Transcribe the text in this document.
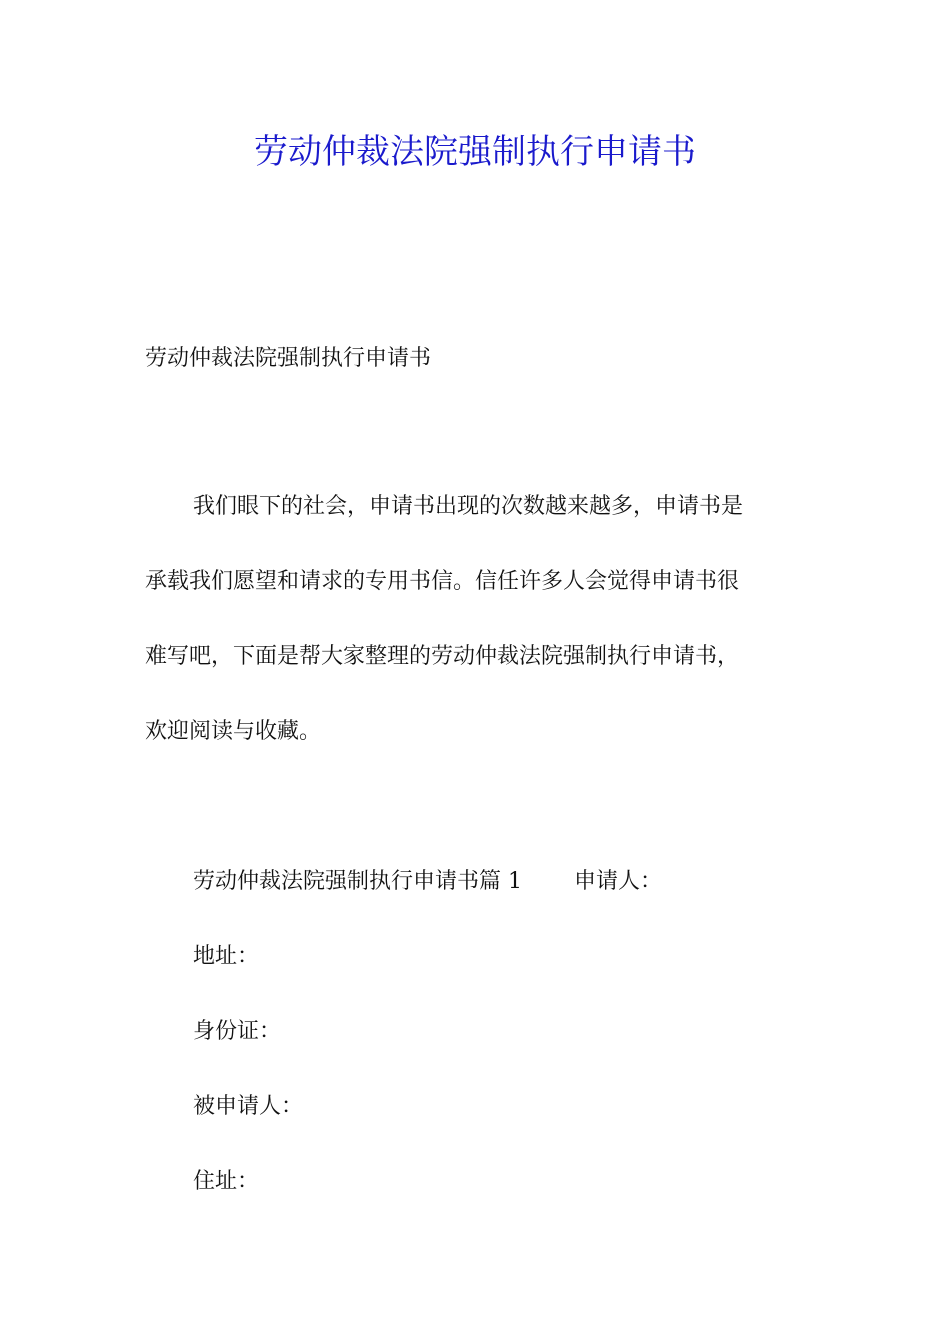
劳动仲裁法院强制执行申请书
劳动仲裁法院强制执行申请书
我们眼下的社会，申请书出现的次数越来越多，申请书是
承载我们愿望和请求的专用书信。信任许多人会觉得申请书很
难写吧，下面是帮大家整理的劳动仲裁法院强制执行申请书，
欢迎阅读与收藏。
劳动仲裁法院强制执行申请书篇 1 申请人：
地址：
身份证：
被申请人：
住址：
